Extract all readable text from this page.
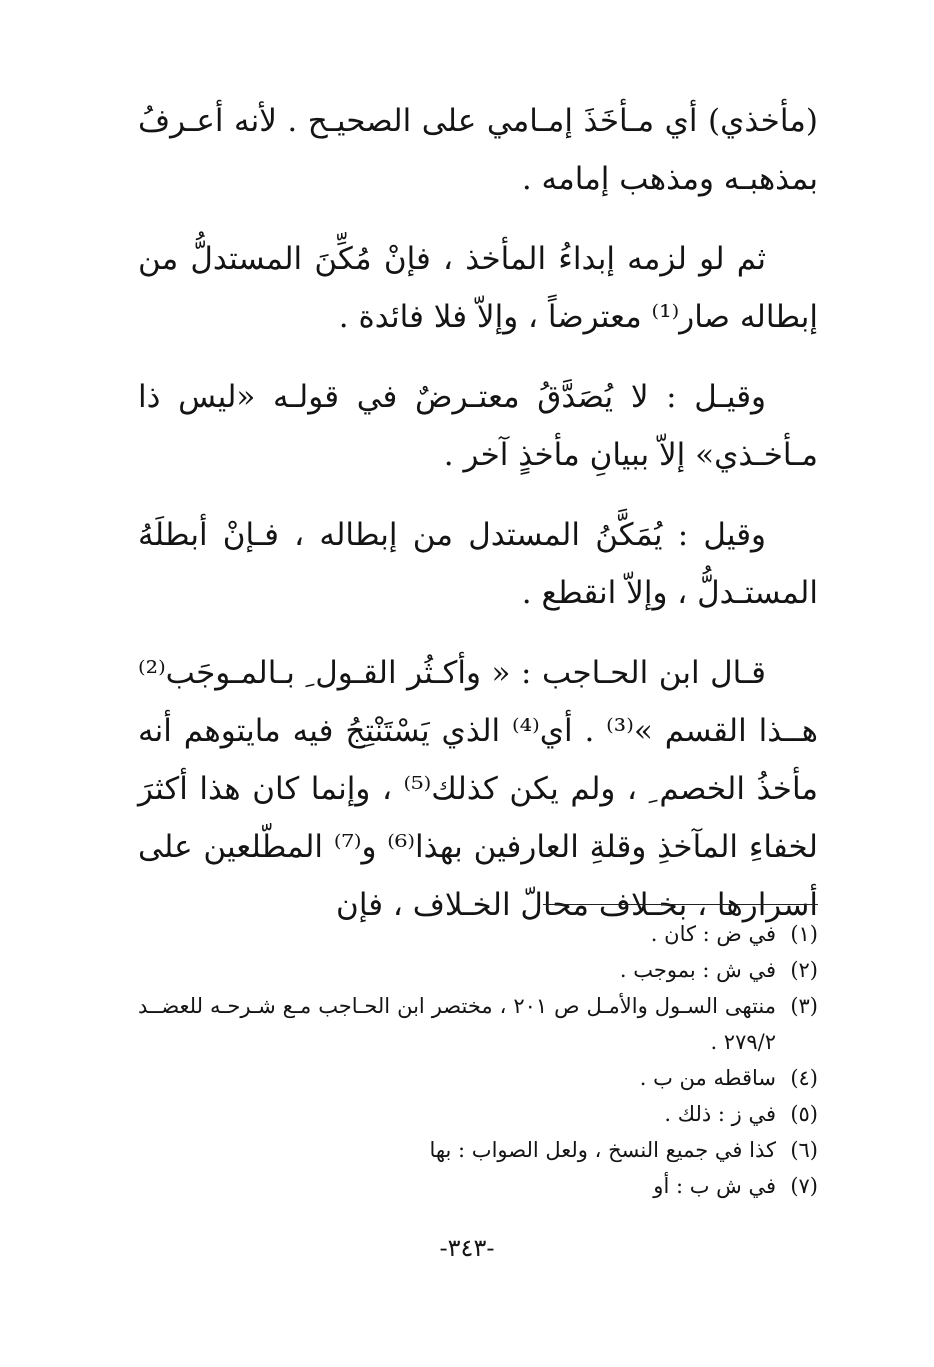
(مأخذي) أي مـأخَذَ إمـامي على الصحيـح . لأنه أعـرفُ بمذهبـه ومذهب إمامه .

ثم لو لزمه إبداءُ المأخذ ، فإنْ مُكِّنَ المستدلُّ من إبطاله صار⁽¹⁾ معترضاً ، وإلاّ فلا فائدة .

وقيـل : لا يُصَدَّقُ معتـرضٌ في قولـه «ليس ذا مـأخـذي» إلاّ ببيانِ مأخذٍ آخر .

وقيل : يُمَكَّنُ المستدل من إبطاله ، فـإنْ أبطلَهُ المستـدلُّ ، وإلاّ انقطع .

قـال ابن الحـاجب : « وأكـثُر القـول ِ بـالمـوجَب⁽²⁾ هــذا القسم »⁽³⁾ . أي⁽⁴⁾ الذي يَسْتَنْتِجُ فيه مايتوهم أنه مأخذُ الخصم ِ ، ولم يكن كذلك⁽⁵⁾ ، وإنما كان هذا أكثرَ لخفاءِ المآخذِ وقلةِ العارفين بهذا⁽⁶⁾ و⁽⁷⁾ المطّلعين على أسرارها ، بخـلاف محالّ الخـلاف ، فإن

(١)
في ض : كان .
(٢)
في ش : بموجب .
(٣)
منتهى السـول والأمـل ص ٢٠١ ، مختصر ابن الحـاجب مـع شـرحـه للعضــد ٢٧٩/٢ .
(٤)
ساقطه من ب .
(٥)
في ز : ذلك .
(٦)
كذا في جميع النسخ ، ولعل الصواب : بها
(٧)
في ش ب : أو
-٣٤٣-
